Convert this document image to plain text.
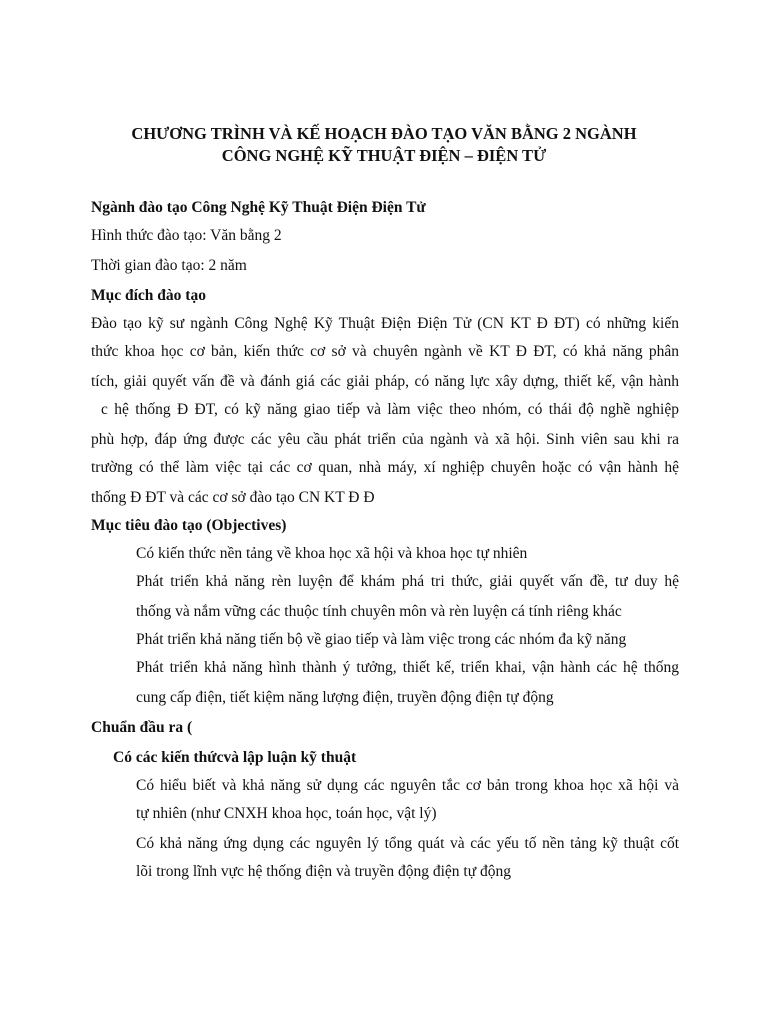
CHƯƠNG TRÌNH VÀ KẾ HOẠCH ĐÀO TẠO VĂN BẰNG 2 NGÀNH
CÔNG NGHỆ KỸ THUẬT ĐIỆN – ĐIỆN TỬ
Ngành đào tạo Công Nghệ Kỹ Thuật Điện Điện Tử
Hình thức đào tạo: Văn bằng 2
Thời gian đào tạo: 2 năm
Mục đích đào tạo
Đào tạo kỹ sư ngành Công Nghệ Kỹ Thuật Điện Điện Tử (CN KT Đ ĐT) có những kiến
thức khoa học cơ bản, kiến thức cơ sở và chuyên ngành về KT Đ ĐT, có khả năng phân
tích, giải quyết vấn đề và đánh giá các giải pháp, có năng lực xây dựng, thiết kế, vận hành
c hệ thống Đ ĐT, có kỹ năng giao tiếp và làm việc theo nhóm, có thái độ nghề nghiệp
phù hợp, đáp ứng được các yêu cầu phát triển của ngành và xã hội. Sinh viên sau khi ra
trường có thể làm việc tại các cơ quan, nhà máy, xí nghiệp chuyên hoặc có vận hành hệ
thống Đ ĐT và các cơ sở đào tạo CN KT Đ Đ
Mục tiêu đào tạo (Objectives)
Có kiến thức nền tảng về khoa học xã hội và khoa học tự nhiên
Phát triển khả năng rèn luyện để khám phá tri thức, giải quyết vấn đề, tư duy hệ
thống và nắm vững các thuộc tính chuyên môn và rèn luyện cá tính riêng khác
Phát triển khả năng tiến bộ về giao tiếp và làm việc trong các nhóm đa kỹ năng
Phát triển khả năng hình thành ý tưởng, thiết kế, triển khai, vận hành các hệ thống
cung cấp điện, tiết kiệm năng lượng điện, truyền động điện tự động
Chuẩn đầu ra (
Có các kiến thứcvà lập luận kỹ thuật
Có hiểu biết và khả năng sử dụng các nguyên tắc cơ bản trong khoa học xã hội và
tự nhiên (như CNXH khoa học, toán học, vật lý)
Có khả năng ứng dụng các nguyên lý tổng quát và các yếu tố nền tảng kỹ thuật cốt
lõi trong lĩnh vực hệ thống điện và truyền động điện tự động
